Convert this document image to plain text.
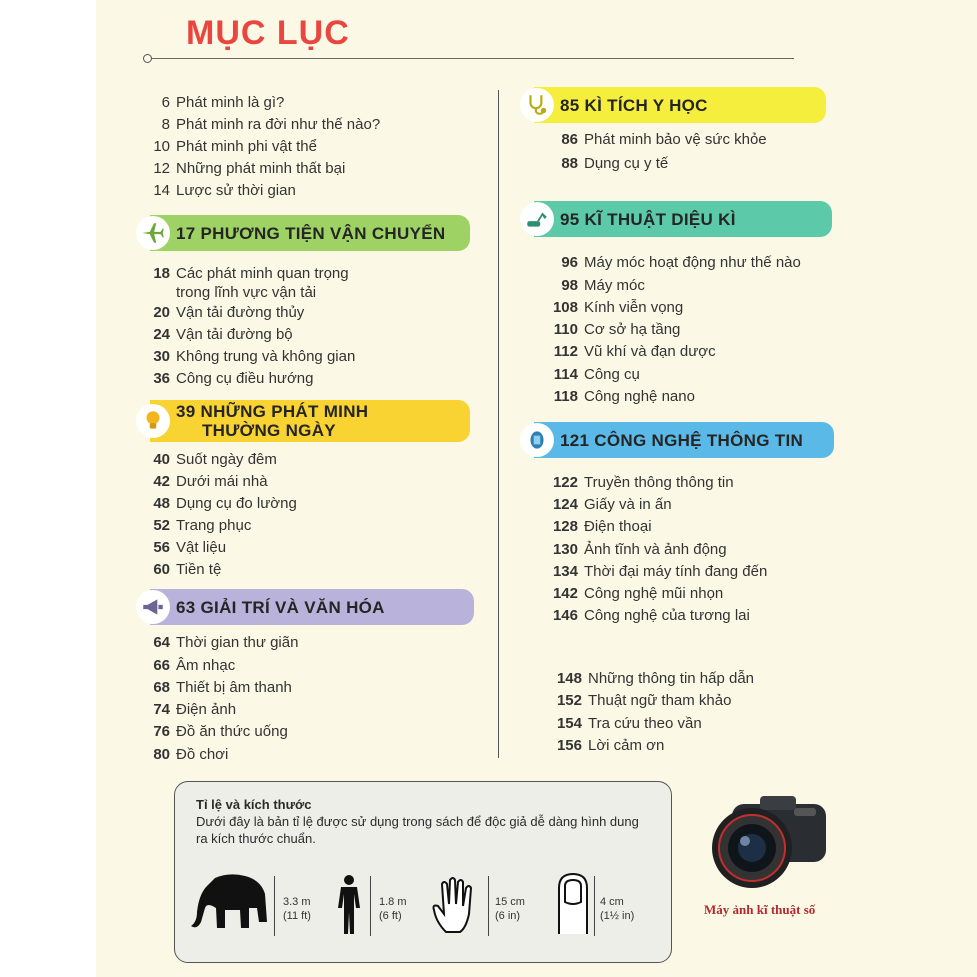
MỤC LỤC
6 Phát minh là gì?
8 Phát minh ra đời như thế nào?
10 Phát minh phi vật thể
12 Những phát minh thất bại
14 Lược sử thời gian
17 PHƯƠNG TIỆN VẬN CHUYỂN
18 Các phát minh quan trọng
trong lĩnh vực vận tải
20 Vận tải đường thủy
24 Vận tải đường bộ
30 Không trung và không gian
36 Công cụ điều hướng
39 NHỮNG PHÁT MINH
THƯỜNG NGÀY
40 Suốt ngày đêm
42 Dưới mái nhà
48 Dụng cụ đo lường
52 Trang phục
56 Vật liệu
60 Tiền tệ
63 GIẢI TRÍ VÀ VĂN HÓA
64 Thời gian thư giãn
66 Âm nhạc
68 Thiết bị âm thanh
74 Điện ảnh
76 Đồ ăn thức uống
80 Đồ chơi
85 KÌ TÍCH Y HỌC
86 Phát minh bảo vệ sức khỏe
88 Dụng cụ y tế
95 KĨ THUẬT DIỆU KÌ
96 Máy móc hoạt động như thế nào
98 Máy móc
108 Kính viễn vọng
110 Cơ sở hạ tầng
112 Vũ khí và đạn dược
114 Công cụ
118 Công nghệ nano
121 CÔNG NGHỆ THÔNG TIN
122 Truyền thông thông tin
124 Giấy và in ấn
128 Điện thoại
130 Ảnh tĩnh và ảnh động
134 Thời đại máy tính đang đến
142 Công nghệ mũi nhọn
146 Công nghệ của tương lai
148 Những thông tin hấp dẫn
152 Thuật ngữ tham khảo
154 Tra cứu theo vần
156 Lời cảm ơn
Tỉ lệ và kích thước
Dưới đây là bản tỉ lệ được sử dụng trong sách để độc giả dễ dàng hình dung ra kích thước chuẩn.
3.3 m
(11 ft)
1.8 m
(6 ft)
15 cm
(6 in)
4 cm
(1½ in)	Máy ảnh kĩ thuật số
